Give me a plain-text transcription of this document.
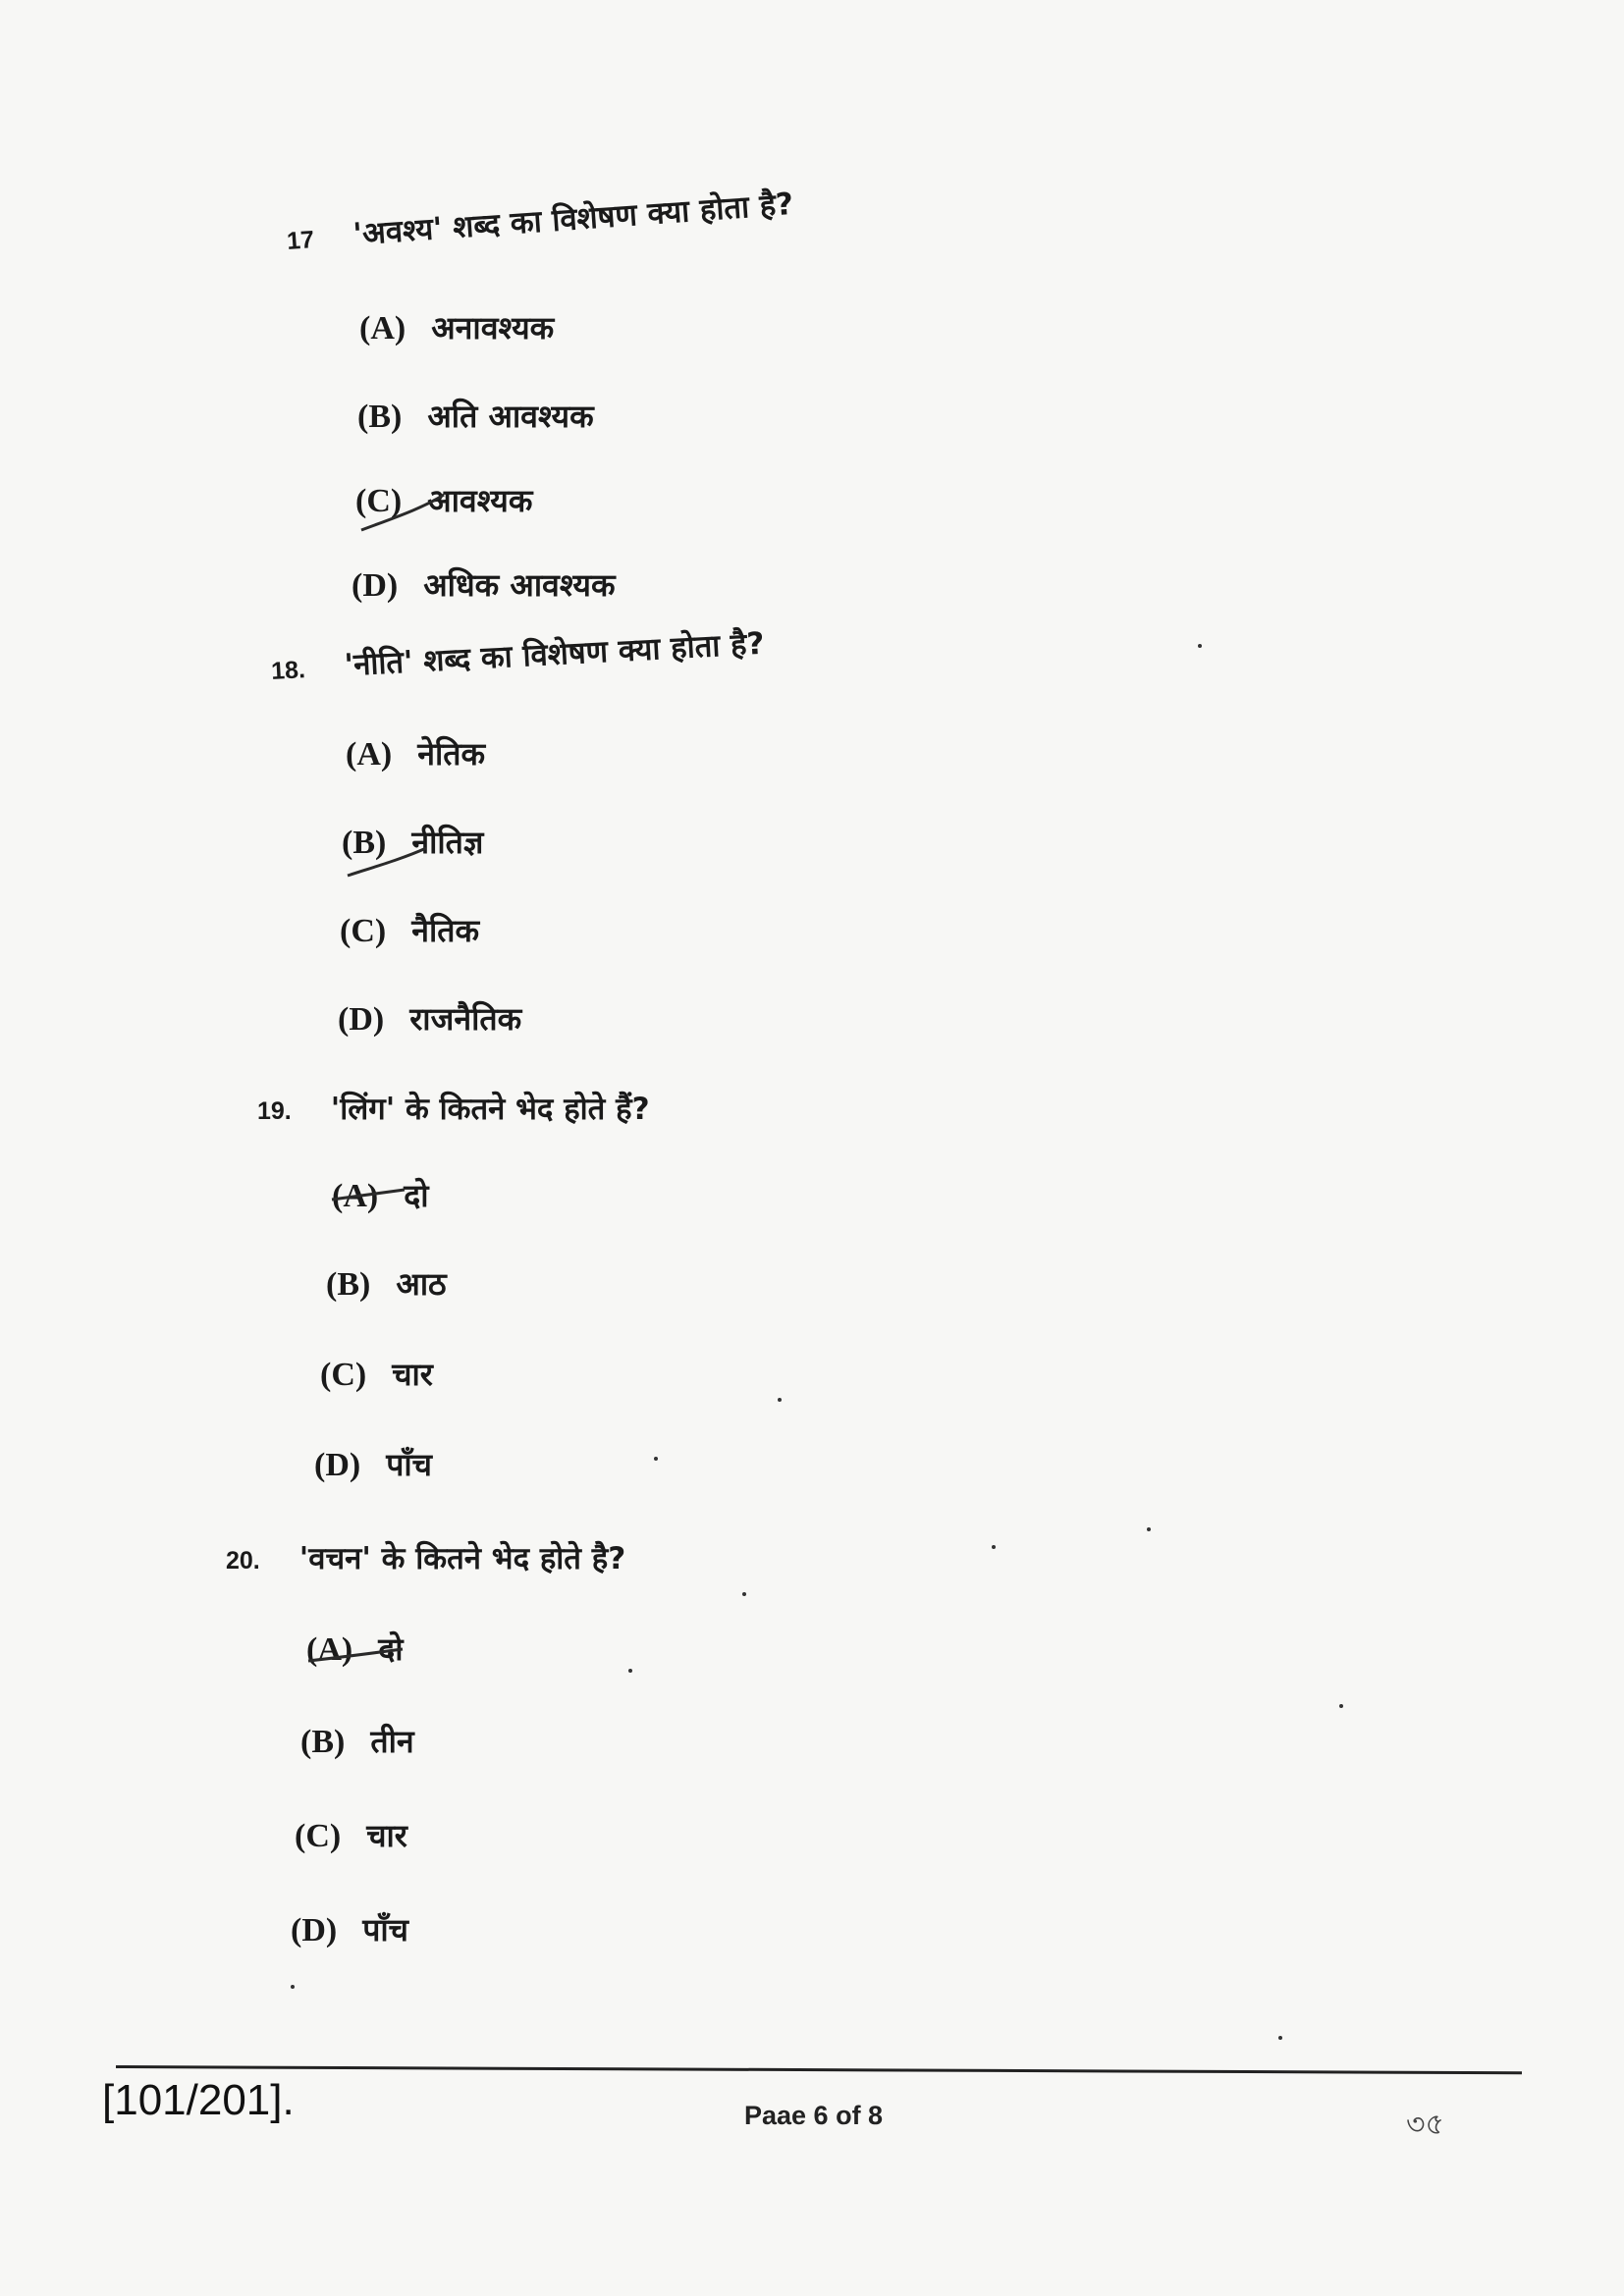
17 'अवश्य' शब्द का विशेषण क्या होता है?
(A) अनावश्यक
(B) अति आवश्यक
(C) आवश्यक
(D) अधिक आवश्यक
18. 'नीति' शब्द का विशेषण क्या होता है?
(A) नेतिक
(B) नीतिज्ञ
(C) नैतिक
(D) राजनैतिक
19. 'लिंग' के कितने भेद होते हैं?
(A) दो
(B) आठ
(C) चार
(D) पाँच
20. 'वचन' के कितने भेद होते है?
(A) दो
(B) तीन
(C) चार
(D) पाँच
[101/201].	Paae 6 of 8	৩৫
